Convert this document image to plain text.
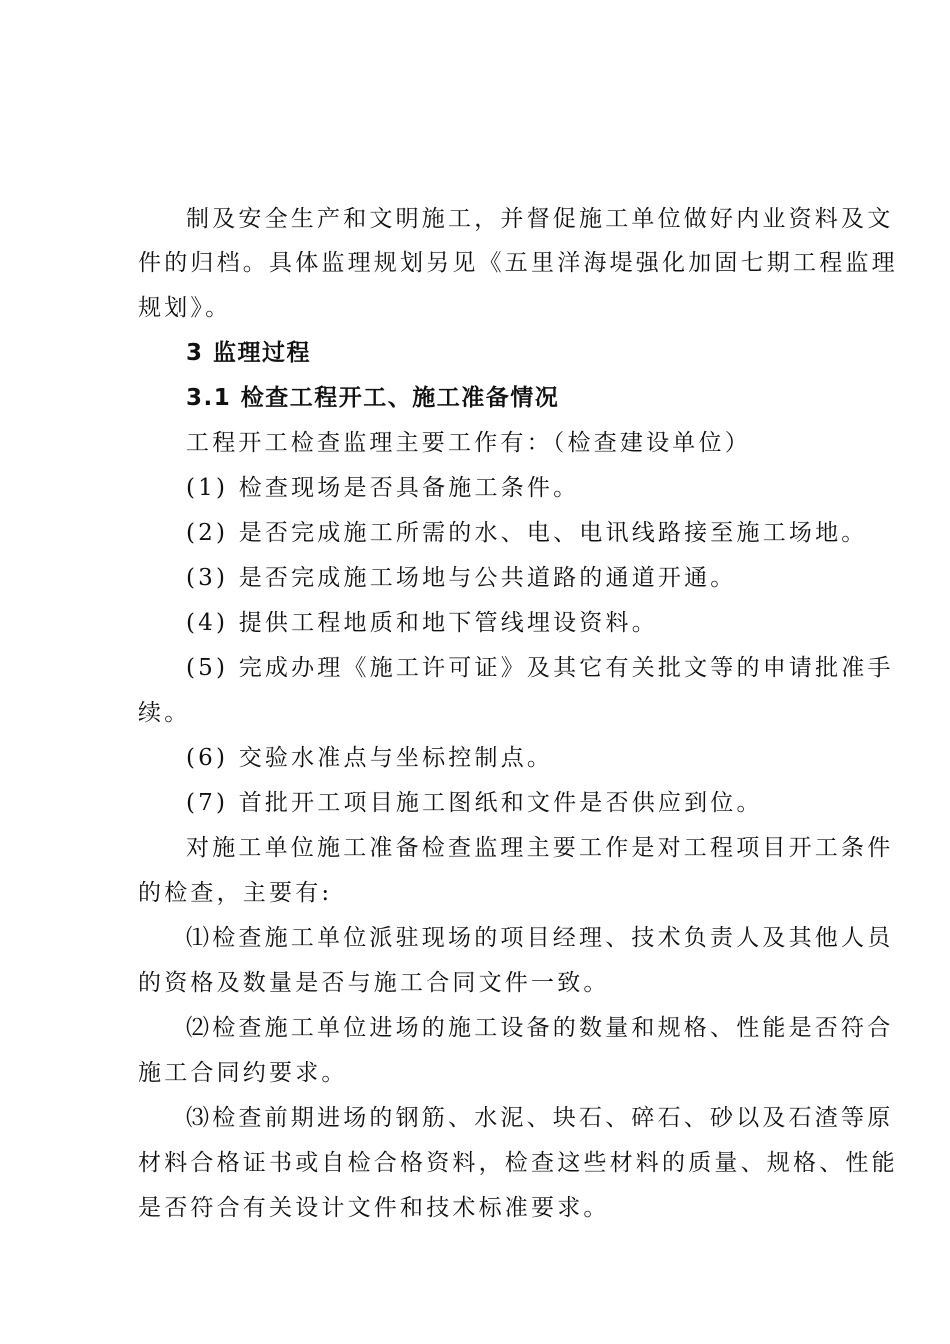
制及安全生产和文明施工，并督促施工单位做好内业资料及文
件的归档。具体监理规划另见《五里洋海堤强化加固七期工程监理
规划》。
3 监理过程
3.1 检查工程开工、施工准备情况
工程开工检查监理主要工作有：（检查建设单位）
(1) 检查现场是否具备施工条件。
(2) 是否完成施工所需的水、电、电讯线路接至施工场地。
(3) 是否完成施工场地与公共道路的通道开通。
(4) 提供工程地质和地下管线埋设资料。
(5) 完成办理《施工许可证》及其它有关批文等的申请批准手
续。
(6) 交验水准点与坐标控制点。
(7) 首批开工项目施工图纸和文件是否供应到位。
对施工单位施工准备检查监理主要工作是对工程项目开工条件
的检查，主要有:
⑴检查施工单位派驻现场的项目经理、技术负责人及其他人员
的资格及数量是否与施工合同文件一致。
⑵检查施工单位进场的施工设备的数量和规格、性能是否符合
施工合同约要求。
⑶检查前期进场的钢筋、水泥、块石、碎石、砂以及石渣等原
材料合格证书或自检合格资料，检查这些材料的质量、规格、性能
是否符合有关设计文件和技术标准要求。
